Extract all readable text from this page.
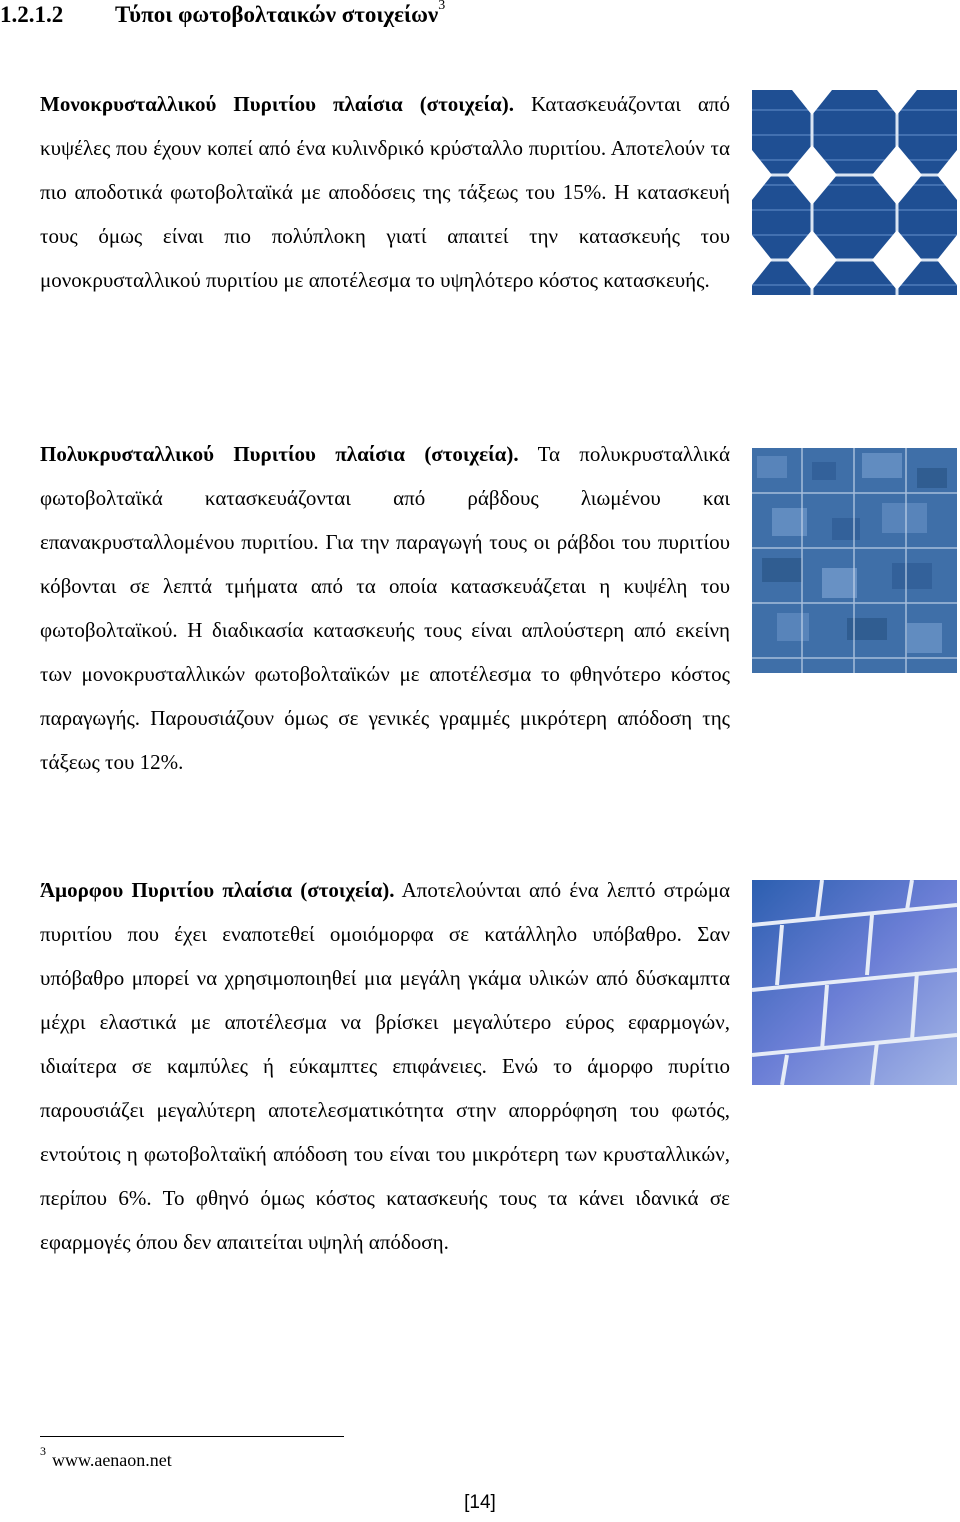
1.2.1.2 Τύποι φωτοβολταικών στοιχείων$^3$
Μονοκρυσταλλικού Πυριτίου πλαίσια (στοιχεία). Κατασκευάζονται από κυψέλες που έχουν κοπεί από ένα κυλινδρικό κρύσταλλο πυριτίου. Αποτελούν τα πιο αποδοτικά φωτοβολταϊκά με αποδόσεις της τάξεως του 15%. Η κατασκευή τους όμως είναι πιο πολύπλοκη γιατί απαιτεί την κατασκευής του μονοκρυσταλλικού πυριτίου με αποτέλεσμα το υψηλότερο κόστος κατασκευής.
Πολυκρυσταλλικού Πυριτίου πλαίσια (στοιχεία). Τα πολυκρυσταλλικά φωτοβολταϊκά κατασκευάζονται από ράβδους λιωμένου και επανακρυσταλλομένου πυριτίου. Για την παραγωγή τους οι ράβδοι του πυριτίου κόβονται σε λεπτά τμήματα από τα οποία κατασκευάζεται η κυψέλη του φωτοβολταϊκού. Η διαδικασία κατασκευής τους είναι απλούστερη από εκείνη των μονοκρυσταλλικών φωτοβολταϊκών με αποτέλεσμα το φθηνότερο κόστος παραγωγής. Παρουσιάζουν όμως σε γενικές γραμμές μικρότερη απόδοση της τάξεως του 12%.
Άμορφου Πυριτίου πλαίσια (στοιχεία). Αποτελούνται από ένα λεπτό στρώμα πυριτίου που έχει εναποτεθεί ομοιόμορφα σε κατάλληλο υπόβαθρο. Σαν υπόβαθρο μπορεί να χρησιμοποιηθεί μια μεγάλη γκάμα υλικών από δύσκαμπτα μέχρι ελαστικά με αποτέλεσμα να βρίσκει μεγαλύτερο εύρος εφαρμογών, ιδιαίτερα σε καμπύλες ή εύκαμπτες επιφάνειες. Ενώ το άμορφο πυρίτιο παρουσιάζει μεγαλύτερη αποτελεσματικότητα στην απορρόφηση του φωτός, εντούτοις η φωτοβολταϊκή απόδοση του είναι του μικρότερη των κρυσταλλικών, περίπου 6%. Το φθηνό όμως κόστος κατασκευής τους τα κάνει ιδανικά σε εφαρμογές όπου δεν απαιτείται υψηλή απόδοση.
$^3$ www.aenaon.net
[14]
